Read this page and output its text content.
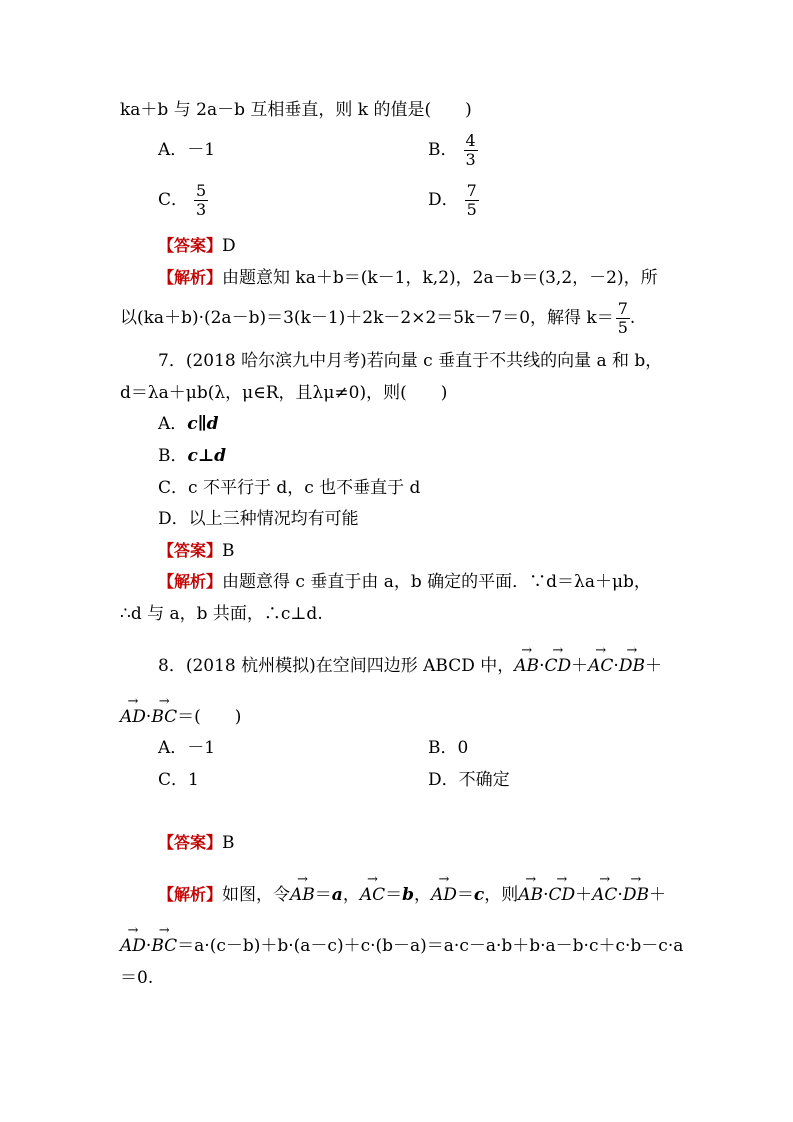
ka＋b 与 2a－b 互相垂直，则 k 的值是(　　)
A．－1	B． $\frac{4}{3}$
C． $\frac{5}{3}$	D． $\frac{7}{5}$
【答案】D
【解析】由题意知 ka＋b＝(k－1，k,2)，2a－b＝(3,2，－2)，所
以(ka＋b)·(2a－b)＝3(k－1)＋2k－2×2＝5k－7＝0，解得 $k= \frac{7}{5}$ .
7．(2018 哈尔滨九中月考)若向量 c 垂直于不共线的向量 a 和 b，
d＝λa＋μb(λ，μ∈R，且λμ≠0)，则(　　)
A．c∥d
B．c⊥d
C．c 不平行于 d，c 也不垂直于 d
D．以上三种情况均有可能
【答案】B
【解析】由题意得 c 垂直于由 a，b 确定的平面．∵d＝λa＋μb，
∴d 与 a，b 共面，∴c⊥d.
8．(2018 杭州模拟)在空间四边形 ABCD 中，→ AB·→ CD＋→ AC·→ DB＋
→ AD·→ BC＝(　　)
A．－1	B．0
C．1	D．不确定
【答案】B
【解析】如图，令→ AB＝a，→ AC＝b，→ AD＝c，则→ AB·→ CD＋→ AC·→ DB＋
→ AD·→ BC＝a·(c－b)＋b·(a－c)＋c·(b－a)＝a·c－a·b＋b·a－b·c＋c·b－c·a
＝0.
